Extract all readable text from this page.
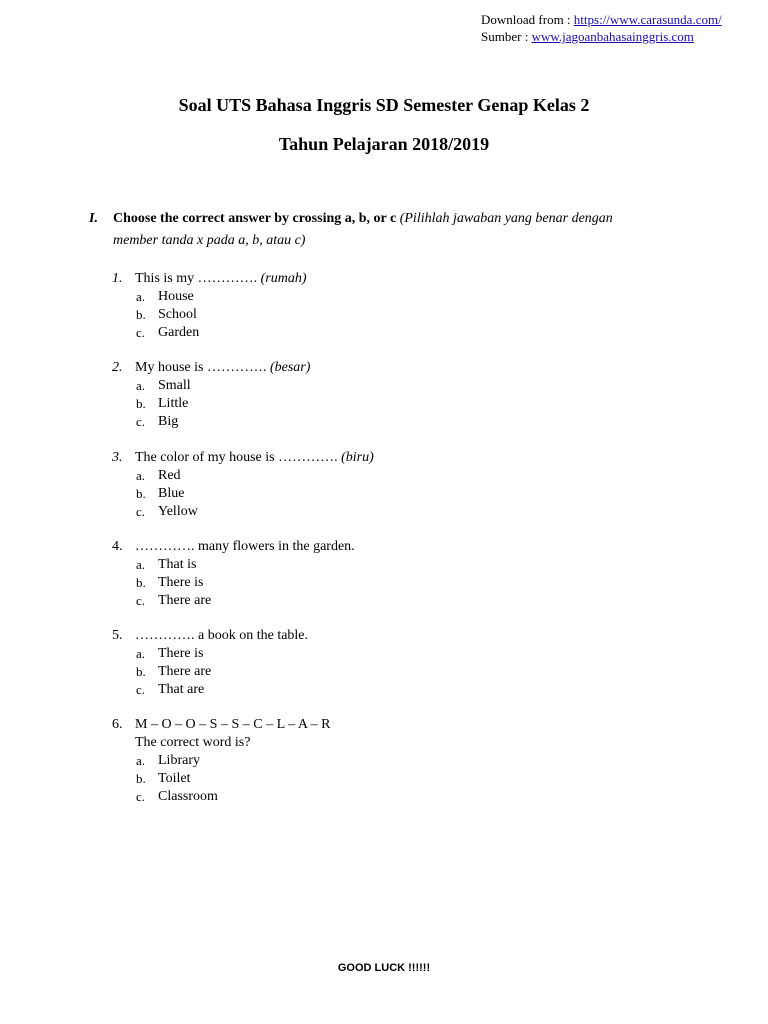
Download from : https://www.carasunda.com/
Sumber : www.jagoanbahasainggris.com
Soal UTS Bahasa Inggris SD Semester Genap Kelas 2
Tahun Pelajaran 2018/2019
I. Choose the correct answer by crossing a, b, or c (Pilihlah jawaban yang benar dengan member tanda x pada a, b, atau c)
1. This is my …………. (rumah)
a. House
b. School
c. Garden
2. My house is …………. (besar)
a. Small
b. Little
c. Big
3. The color of my house is …………. (biru)
a. Red
b. Blue
c. Yellow
4. …………. many flowers in the garden.
a. That is
b. There is
c. There are
5. …………. a book on the table.
a. There is
b. There are
c. That are
6. M – O – O – S – S – C – L – A – R
The correct word is?
a. Library
b. Toilet
c. Classroom
GOOD LUCK !!!!!!
